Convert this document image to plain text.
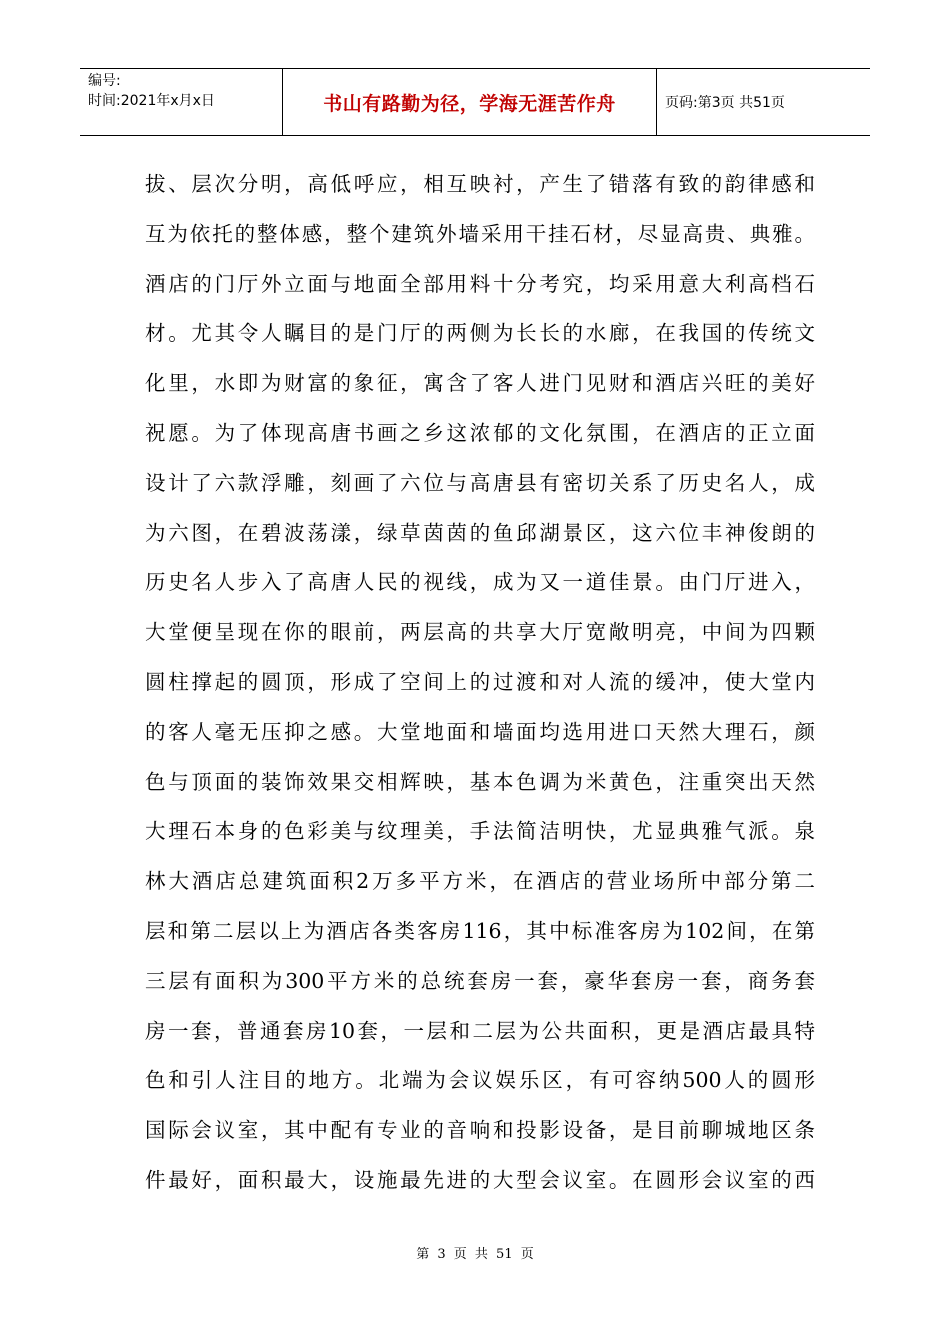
编号:
时间:2021年x月x日	书山有路勤为径，学海无涯苦作舟	页码:第3页 共51页
拔、层次分明，高低呼应，相互映衬，产生了错落有致的韵律感和
互为依托的整体感，整个建筑外墙采用干挂石材，尽显高贵、典雅。
酒店的门厅外立面与地面全部用料十分考究，均采用意大利高档石
材。尤其令人瞩目的是门厅的两侧为长长的水廊，在我国的传统文
化里，水即为财富的象征，寓含了客人进门见财和酒店兴旺的美好
祝愿。为了体现高唐书画之乡这浓郁的文化氛围，在酒店的正立面
设计了六款浮雕，刻画了六位与高唐县有密切关系了历史名人，成
为六图，在碧波荡漾，绿草茵茵的鱼邱湖景区，这六位丰神俊朗的
历史名人步入了高唐人民的视线，成为又一道佳景。由门厅进入，
大堂便呈现在你的眼前，两层高的共享大厅宽敞明亮，中间为四颗
圆柱撑起的圆顶，形成了空间上的过渡和对人流的缓冲，使大堂内
的客人毫无压抑之感。大堂地面和墙面均选用进口天然大理石，颜
色与顶面的装饰效果交相辉映，基本色调为米黄色，注重突出天然
大理石本身的色彩美与纹理美，手法简洁明快，尤显典雅气派。泉
林大酒店总建筑面积2万多平方米，在酒店的营业场所中部分第二
层和第二层以上为酒店各类客房116，其中标准客房为102间，在第
三层有面积为300平方米的总统套房一套，豪华套房一套，商务套
房一套，普通套房10套，一层和二层为公共面积，更是酒店最具特
色和引人注目的地方。北端为会议娱乐区，有可容纳500人的圆形
国际会议室，其中配有专业的音响和投影设备，是目前聊城地区条
件最好，面积最大，设施最先进的大型会议室。在圆形会议室的西
第 3 页 共 51 页
